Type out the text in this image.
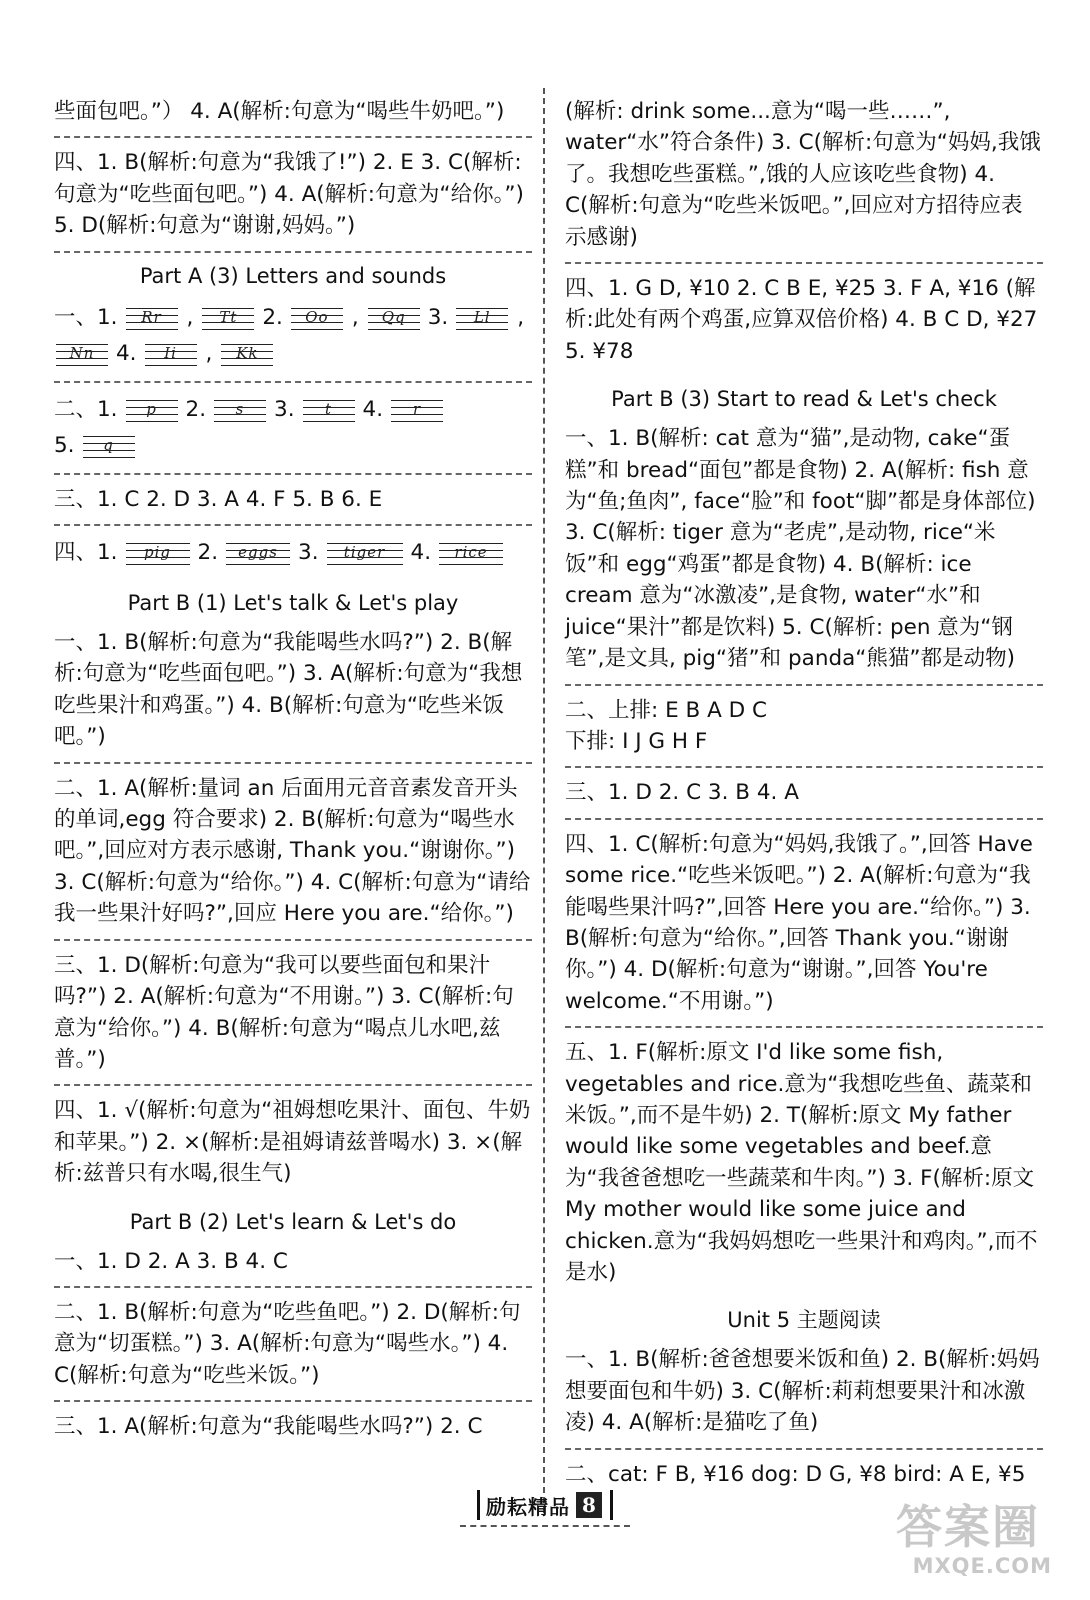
些面包吧。”） 4. A(解析:句意为“喝些牛奶吧。”)

四、1. B(解析:句意为“我饿了!”) 2. E 3. C(解析:句意为“吃些面包吧。”) 4. A(解析:句意为“给你。”) 5. D(解析:句意为“谢谢,妈妈。”)

Part A (3) Letters and sounds
一、1.	Rr	,	Tt	2.	Oo	,	Qq	3.	Ll	,
Nn	4.	Ii	,	Kk
二、1.	p	2.	s	3.	t	4.	r
5.	q

三、1. C 2. D 3. A 4. F 5. B 6. E

四、1.	pig	2.	eggs 3.	tiger	4.	rice
Part B (1) Let's talk & Let's play

一、1. B(解析:句意为“我能喝些水吗?”) 2. B(解析:句意为“吃些面包吧。”) 3. A(解析:句意为“我想吃些果汁和鸡蛋。”) 4. B(解析:句意为“吃些米饭吧。”)

二、1. A(解析:量词 an 后面用元音音素发音开头的单词,egg 符合要求) 2. B(解析:句意为“喝些水吧。”,回应对方表示感谢, Thank you.“谢谢你。”) 3. C(解析:句意为“给你。”) 4. C(解析:句意为“请给我一些果汁好吗?”,回应 Here you are.“给你。”)

三、1. D(解析:句意为“我可以要些面包和果汁吗?”) 2. A(解析:句意为“不用谢。”) 3. C(解析:句意为“给你。”) 4. B(解析:句意为“喝点儿水吧,兹普。”)

四、1. √(解析:句意为“祖姆想吃果汁、面包、牛奶和苹果。”) 2. ×(解析:是祖姆请兹普喝水) 3. ×(解析:兹普只有水喝,很生气)

Part B (2) Let's learn & Let's do

一、1. D 2. A 3. B 4. C

二、1. B(解析:句意为“吃些鱼吧。”) 2. D(解析:句意为“切蛋糕。”) 3. A(解析:句意为“喝些水。”) 4. C(解析:句意为“吃些米饭。”)

三、1. A(解析:句意为“我能喝些水吗?”) 2. C

(解析: drink some...意为“喝一些……”, water“水”符合条件) 3. C(解析:句意为“妈妈,我饿了。我想吃些蛋糕。”,饿的人应该吃些食物) 4. C(解析:句意为“吃些米饭吧。”,回应对方招待应表示感谢)

四、1. G D, ¥10 2. C B E, ¥25 3. F A, ¥16 (解析:此处有两个鸡蛋,应算双倍价格) 4. B C D, ¥27 5. ¥78

Part B (3) Start to read & Let's check

一、1. B(解析: cat 意为“猫”,是动物, cake“蛋糕”和 bread“面包”都是食物) 2. A(解析: fish 意为“鱼;鱼肉”, face“脸”和 foot“脚”都是身体部位) 3. C(解析: tiger 意为“老虎”,是动物, rice“米饭”和 egg“鸡蛋”都是食物) 4. B(解析: ice cream 意为“冰激凌”,是食物, water“水”和 juice“果汁”都是饮料) 5. C(解析: pen 意为“钢笔”,是文具, pig“猪”和 panda“熊猫”都是动物)

二、上排: E B A D C

下排: I J G H F

三、1. D 2. C 3. B 4. A

四、1. C(解析:句意为“妈妈,我饿了。”,回答 Have some rice.“吃些米饭吧。”) 2. A(解析:句意为“我能喝些果汁吗?”,回答 Here you are.“给你。”) 3. B(解析:句意为“给你。”,回答 Thank you.“谢谢你。”) 4. D(解析:句意为“谢谢。”,回答 You're welcome.“不用谢。”)

五、1. F(解析:原文 I'd like some fish, vegetables and rice.意为“我想吃些鱼、蔬菜和米饭。”,而不是牛奶) 2. T(解析:原文 My father would like some vegetables and beef.意为“我爸爸想吃一些蔬菜和牛肉。”) 3. F(解析:原文 My mother would like some juice and chicken.意为“我妈妈想吃一些果汁和鸡肉。”,而不是水)

Unit 5 主题阅读

一、1. B(解析:爸爸想要米饭和鱼) 2. B(解析:妈妈想要面包和牛奶) 3. C(解析:莉莉想要果汁和冰激凌) 4. A(解析:是猫吃了鱼)

二、cat: F B, ¥16 dog: D G, ¥8 bird: A E, ¥5

励耘精品 8	答案圈
MXQE.COM
